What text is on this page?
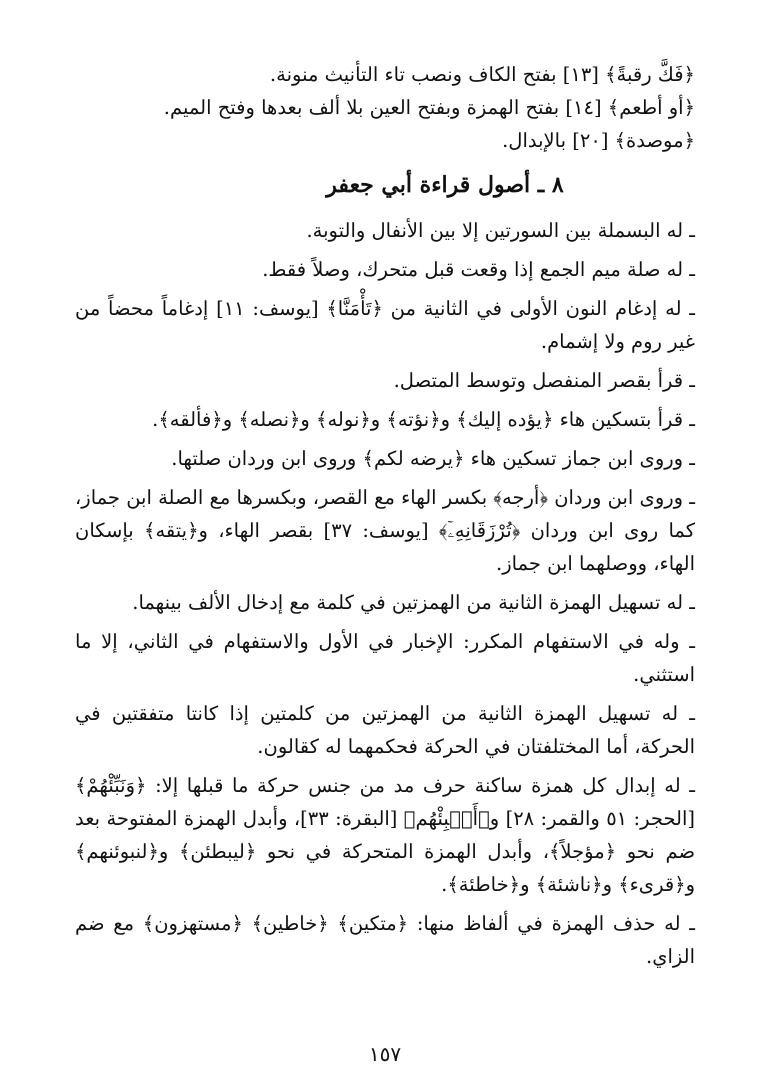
﴿فَكَّ رقبةً﴾ [١٣] بفتح الكاف ونصب تاء التأنيث منونة.

﴿أو أطعم﴾ [١٤] بفتح الهمزة وبفتح العين بلا ألف بعدها وفتح الميم.

﴿موصدة﴾ [٢٠] بالإبدال.

٨ ـ أصول قراءة أبي جعفر

ـ له البسملة بين السورتين إلا بين الأنفال والتوبة.

ـ له صلة ميم الجمع إذا وقعت قبل متحرك، وصلاً فقط.

ـ له إدغام النون الأولى في الثانية من ﴿تَأْمَنَّا﴾ [يوسف: ١١] إدغاماً محضاً من غير روم ولا إشمام.

ـ قرأ بقصر المنفصل وتوسط المتصل.

ـ قرأ بتسكين هاء ﴿يؤده إليك﴾ و﴿نؤته﴾ و﴿نوله﴾ و﴿نصله﴾ و﴿فألقه﴾.

ـ وروى ابن جماز تسكين هاء ﴿يرضه لكم﴾ وروى ابن وردان صلتها.

ـ وروى ابن وردان ﴿أرجه﴾ بكسر الهاء مع القصر، وبكسرها مع الصلة ابن جماز، كما روى ابن وردان ﴿تُرْزَقَانِهِۦٓ﴾ [يوسف: ٣٧] بقصر الهاء، و﴿يتقه﴾ بإسكان الهاء، ووصلهما ابن جماز.

ـ له تسهيل الهمزة الثانية من الهمزتين في كلمة مع إدخال الألف بينهما.

ـ وله في الاستفهام المكرر: الإخبار في الأول والاستفهام في الثاني، إلا ما استثني.

ـ له تسهيل الهمزة الثانية من الهمزتين من كلمتين إذا كانتا متفقتين في الحركة، أما المختلفتان في الحركة فحكمهما له كقالون.

ـ له إبدال كل همزة ساكنة حرف مد من جنس حركة ما قبلها إلا: ﴿وَنَبِّئْهُمْ﴾ [الحجر: ٥١ والقمر: ٢٨] و﴿أَنۢبِئْهُم﴾ [البقرة: ٣٣]، وأبدل الهمزة المفتوحة بعد ضم نحو ﴿مؤجلاً﴾، وأبدل الهمزة المتحركة في نحو ﴿ليبطئن﴾ و﴿لنبوئنهم﴾ و﴿قرىء﴾ و﴿ناشئة﴾ و﴿خاطئة﴾.

ـ له حذف الهمزة في ألفاظ منها: ﴿متكين﴾ ﴿خاطين﴾ ﴿مستهزون﴾ مع ضم الزاي.

١٥٧
